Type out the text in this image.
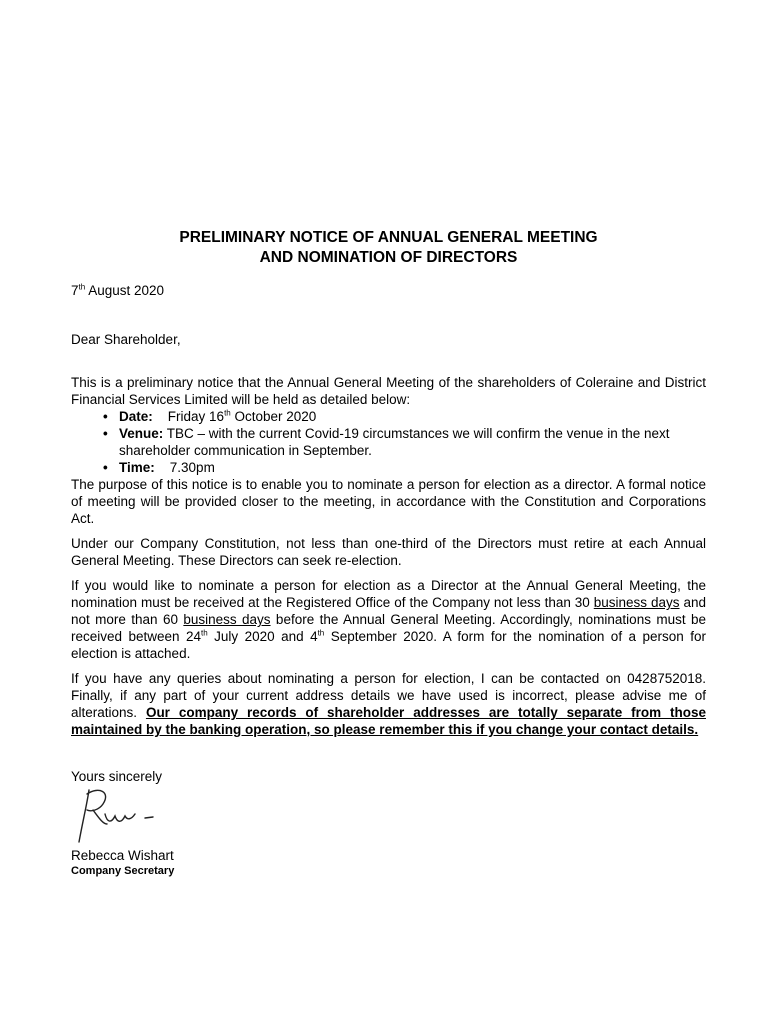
PRELIMINARY NOTICE OF ANNUAL GENERAL MEETING
AND NOMINATION OF DIRECTORS
7th August 2020
Dear Shareholder,

This is a preliminary notice that the Annual General Meeting of the shareholders of Coleraine and District Financial Services Limited will be held as detailed below:

• Date: Friday 16th October 2020
• Venue: TBC – with the current Covid-19 circumstances we will confirm the venue in the next shareholder communication in September.
• Time: 7.30pm

The purpose of this notice is to enable you to nominate a person for election as a director. A formal notice of meeting will be provided closer to the meeting, in accordance with the Constitution and Corporations Act.

Under our Company Constitution, not less than one-third of the Directors must retire at each Annual General Meeting. These Directors can seek re-election.

If you would like to nominate a person for election as a Director at the Annual General Meeting, the nomination must be received at the Registered Office of the Company not less than 30 business days and not more than 60 business days before the Annual General Meeting. Accordingly, nominations must be received between 24th July 2020 and 4th September 2020. A form for the nomination of a person for election is attached.

If you have any queries about nominating a person for election, I can be contacted on 0428752018. Finally, if any part of your current address details we have used is incorrect, please advise me of alterations. Our company records of shareholder addresses are totally separate from those maintained by the banking operation, so please remember this if you change your contact details.

Yours sincerely
Rebecca Wishart
Company Secretary
